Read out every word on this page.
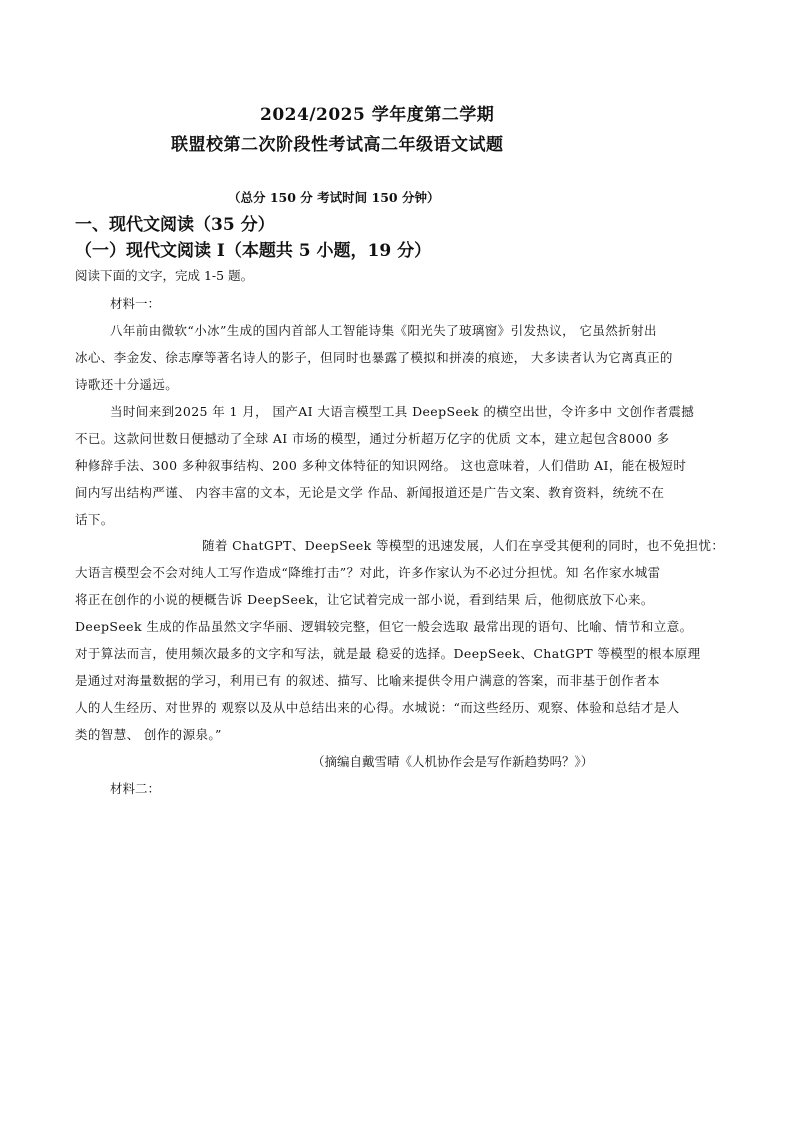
2024/2025 学年度第二学期
联盟校第二次阶段性考试高二年级语文试题
（总分 150 分 考试时间 150 分钟）
一、现代文阅读（35 分）
（一）现代文阅读 Ⅰ（本题共 5 小题，19 分）
阅读下面的文字，完成 1-5 题。
材料一：
八年前由微软“小冰”生成的国内首部人工智能诗集《阳光失了玻璃窗》引发热议， 它虽然折射出
冰心、李金发、徐志摩等著名诗人的影子，但同时也暴露了模拟和拼凑的痕迹， 大多读者认为它离真正的
诗歌还十分遥远。
当时间来到2025 年 1 月， 国产AI 大语言模型工具 DeepSeek 的横空出世，令许多中 文创作者震撼
不已。这款问世数日便撼动了全球 AI 市场的模型，通过分析超万亿字的优质 文本，建立起包含8000 多
种修辞手法、300 多种叙事结构、200 多种文体特征的知识网络。 这也意味着，人们借助 AI，能在极短时
间内写出结构严谨、 内容丰富的文本，无论是文学 作品、新闻报道还是广告文案、教育资料，统统不在
话下。
随着 ChatGPT、DeepSeek 等模型的迅速发展，人们在享受其便利的同时，也不免担忧：
大语言模型会不会对纯人工写作造成“降维打击”？对此，许多作家认为不必过分担忧。知 名作家水城雷
将正在创作的小说的梗概告诉 DeepSeek，让它试着完成一部小说，看到结果 后，他彻底放下心来。
DeepSeek 生成的作品虽然文字华丽、逻辑较完整，但它一般会选取 最常出现的语句、比喻、情节和立意。
对于算法而言，使用频次最多的文字和写法，就是最 稳妥的选择。DeepSeek、ChatGPT 等模型的根本原理
是通过对海量数据的学习，利用已有 的叙述、描写、比喻来提供令用户满意的答案，而非基于创作者本
人的人生经历、对世界的 观察以及从中总结出来的心得。水城说：“而这些经历、观察、体验和总结才是人
类的智慧、 创作的源泉。”
（摘编自戴雪晴《人机协作会是写作新趋势吗？》）
材料二：
